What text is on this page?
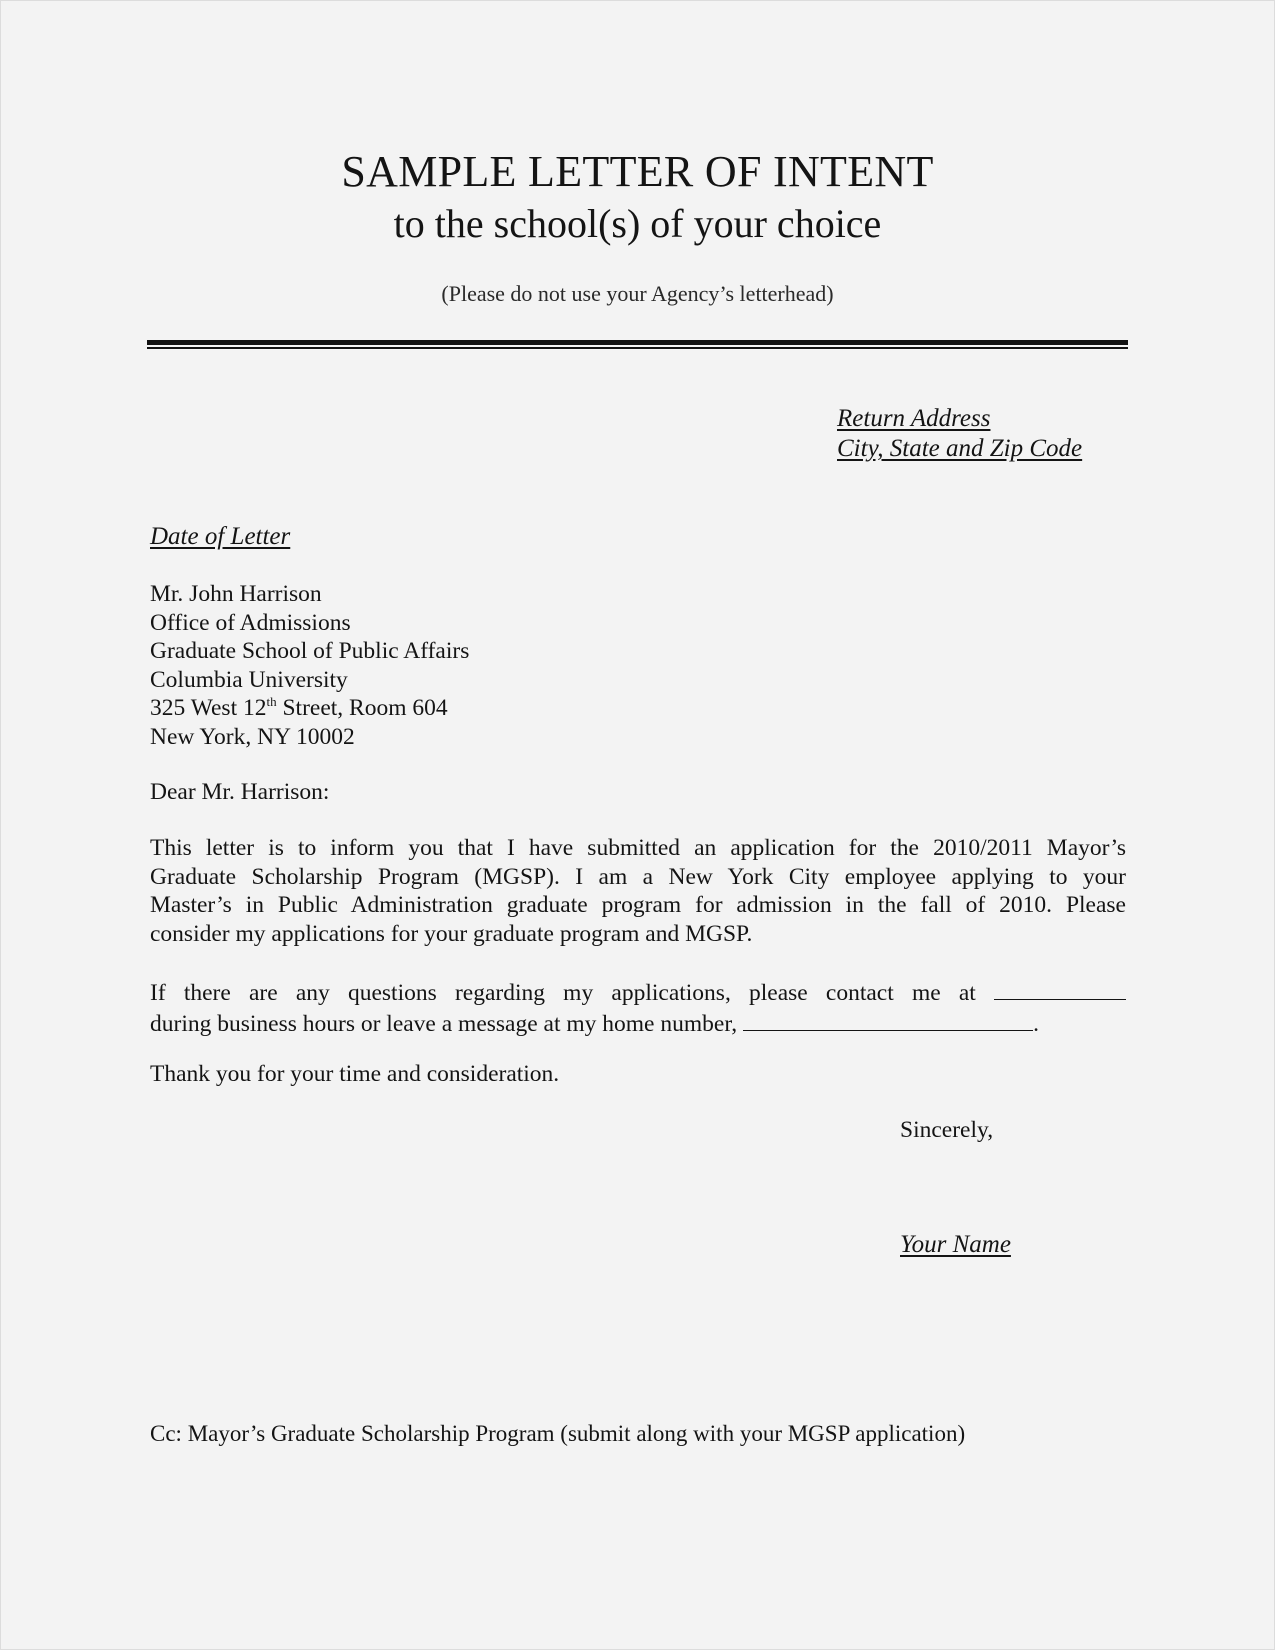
SAMPLE LETTER OF INTENT
to the school(s) of your choice
(Please do not use your Agency’s letterhead)
Return Address
City, State and Zip Code
Date of Letter
Mr. John Harrison
Office of Admissions
Graduate School of Public Affairs
Columbia University
325 West 12th Street, Room 604
New York, NY 10002
Dear Mr. Harrison:
This letter is to inform you that I have submitted an application for the 2010/2011 Mayor’s
Graduate Scholarship Program (MGSP). I am a New York City employee applying to your
Master’s in Public Administration graduate program for admission in the fall of 2010. Please
consider my applications for your graduate program and MGSP.
If there are any questions regarding my applications, please contact me at
during business hours or leave a message at my home number,	.
Thank you for your time and consideration.
Sincerely,
Your Name
Cc: Mayor’s Graduate Scholarship Program (submit along with your MGSP application)
